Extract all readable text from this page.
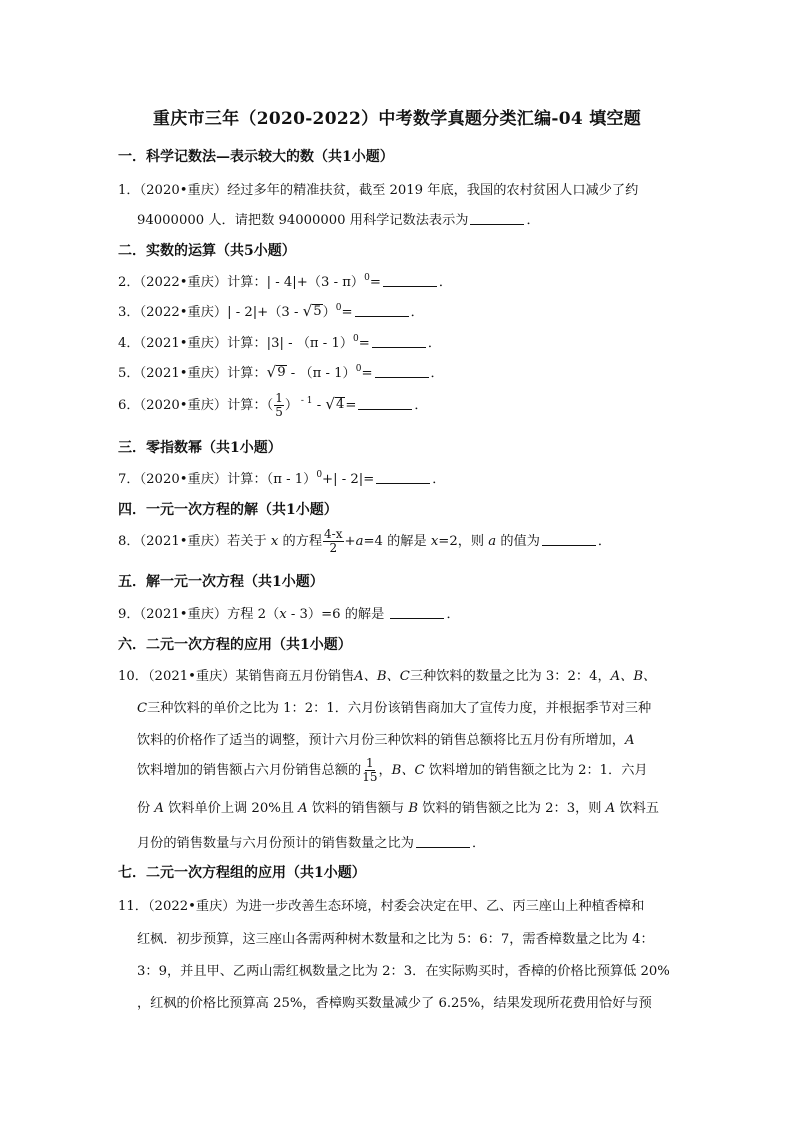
重庆市三年（2020-2022）中考数学真题分类汇编-04 填空题
一．科学记数法—表示较大的数（共1小题）
1．（2020•重庆）经过多年的精准扶贫，截至 2019 年底，我国的农村贫困人口减少了约
94000000 人．请把数 94000000 用科学记数法表示为	．
二．实数的运算（共5小题）
2．（2022•重庆）计算：| - 4|+（3 - π）$^0$=	．
3．（2022•重庆）| - 2|+（3 - √ 5 ）$^0$=	．
4．（2021•重庆）计算：|3| - （π - 1）$^0$=	．
5．（2021•重庆）计算： √ 9 - （π - 1）$^0$=	．
6．（2020•重庆）计算：（ $\frac{1}{5}$ ） $^{- 1}$ - √ 4 =	．
三．零指数幂（共1小题）
7．（2020•重庆）计算：（π - 1）$^0$+| - 2|=	．
四．一元一次方程的解（共1小题）
8．（2021•重庆）若关于 x 的方程 $\frac{4-x}{2} +a=4$ 的解是 x=2，则 a 的值为	．
五．解一元一次方程（共1小题）
9．（2021•重庆）方程 2（x - 3）=6 的解是	．
六．二元一次方程的应用（共1小题）
10．（2021•重庆）某销售商五月份销售A、B、C三种饮料的数量之比为 3：2：4，A、B、
C三种饮料的单价之比为 1：2：1．六月份该销售商加大了宣传力度，并根据季节对三种
饮料的价格作了适当的调整，预计六月份三种饮料的销售总额将比五月份有所增加，A
饮料增加的销售额占六月份销售总额的 $\frac{1}{15}$ ，B、C 饮料增加的销售额之比为 2：1．六月
份 A 饮料单价上调 20%且 A 饮料的销售额与 B 饮料的销售额之比为 2：3，则 A 饮料五
月份的销售数量与六月份预计的销售数量之比为	．
七．二元一次方程组的应用（共1小题）
11．（2022•重庆）为进一步改善生态环境，村委会决定在甲、乙、丙三座山上种植香樟和
红枫．初步预算，这三座山各需两种树木数量和之比为 5：6：7，需香樟数量之比为 4：
3：9，并且甲、乙两山需红枫数量之比为 2：3．在实际购买时，香樟的价格比预算低 20%
，红枫的价格比预算高 25%，香樟购买数量减少了 6.25%，结果发现所花费用恰好与预
